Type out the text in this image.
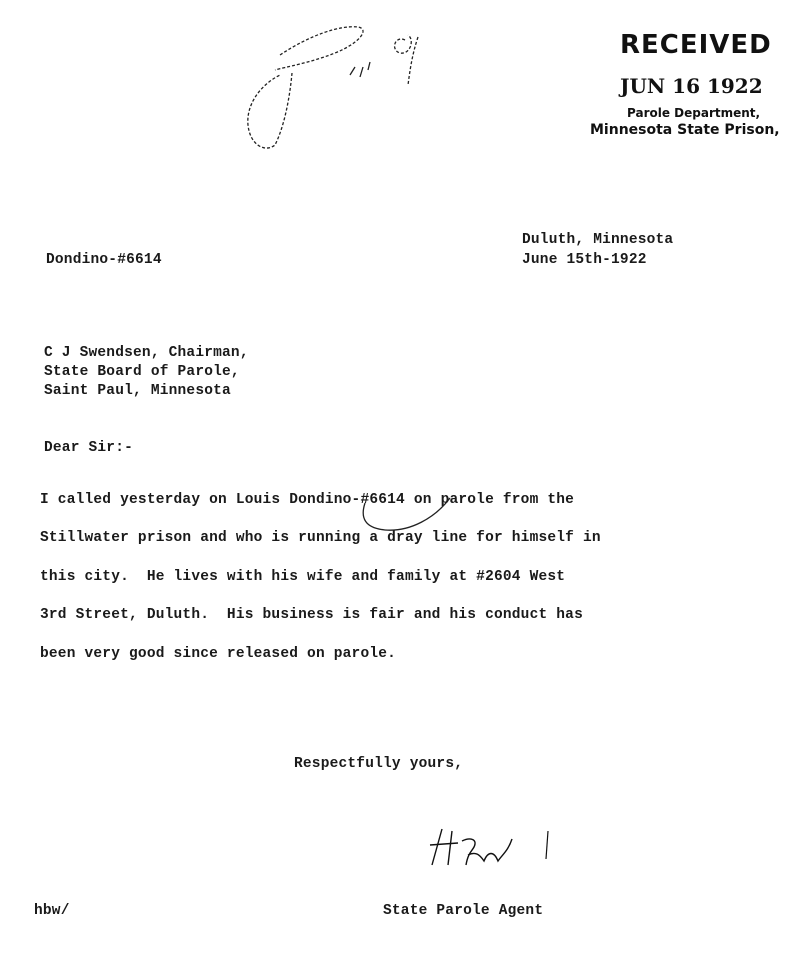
RECEIVED
JUN 16 1922
Parole Department,
Minnesota State Prison,
Dondino-#6614
Duluth, Minnesota
June 15th-1922
C J Swendsen, Chairman,
State Board of Parole,
Saint Paul, Minnesota
Dear Sir:-
I called yesterday on Louis Dondino-#6614 on parole from the
Stillwater prison and who is running a dray line for himself in
this city.  He lives with his wife and family at #2604 West
3rd Street, Duluth.  His business is fair and his conduct has
been very good since released on parole.
Respectfully yours,
State Parole Agent
hbw/
